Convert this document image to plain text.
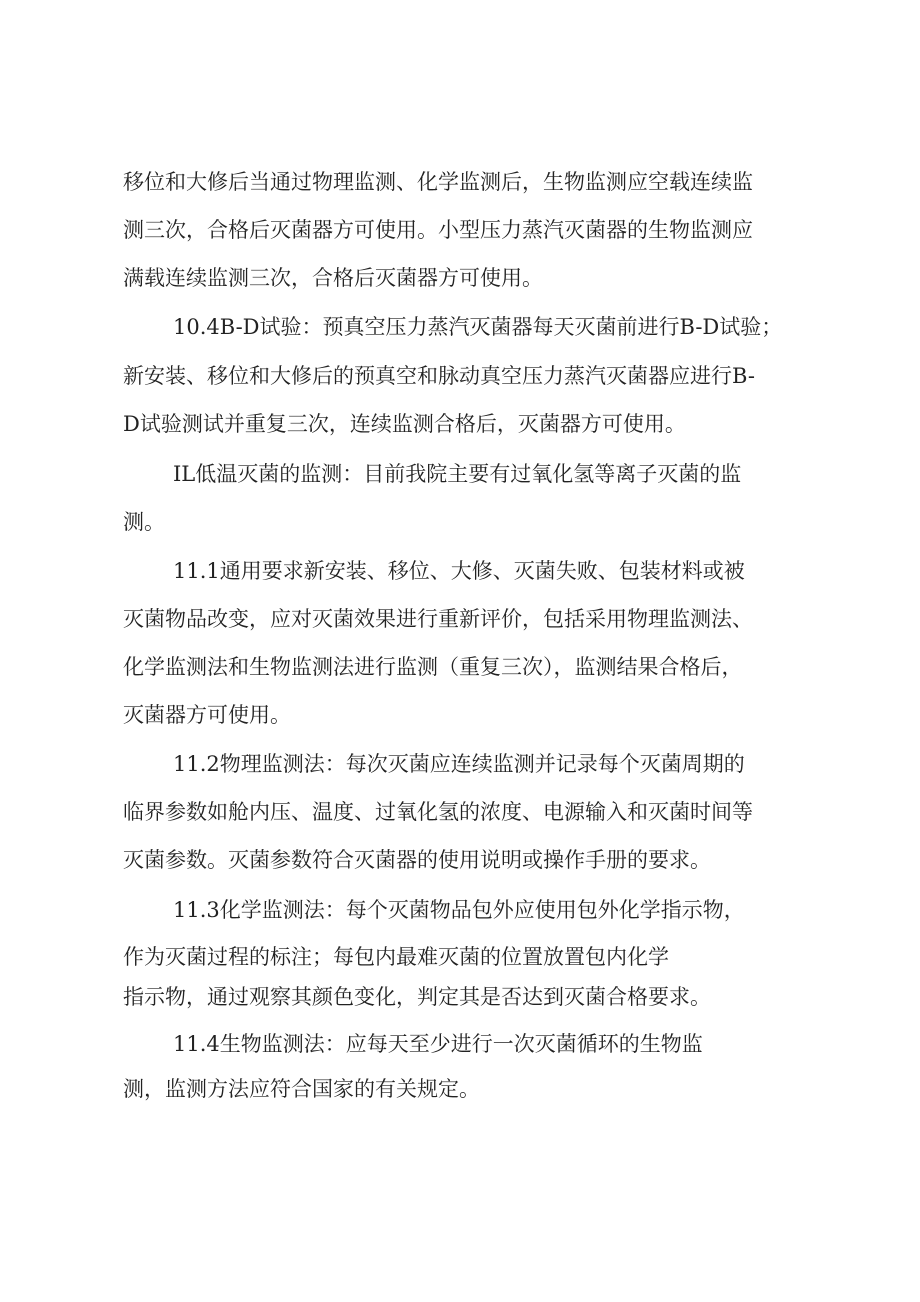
移位和大修后当通过物理监测、化学监测后，生物监测应空载连续监

测三次，合格后灭菌器方可使用。小型压力蒸汽灭菌器的生物监测应

满载连续监测三次，合格后灭菌器方可使用。

10.4B-D试验：预真空压力蒸汽灭菌器每天灭菌前进行B-D试验；

新安装、移位和大修后的预真空和脉动真空压力蒸汽灭菌器应进行B-

D试验测试并重复三次，连续监测合格后，灭菌器方可使用。

IL低温灭菌的监测：目前我院主要有过氧化氢等离子灭菌的监

测。

11.1通用要求新安装、移位、大修、灭菌失败、包装材料或被

灭菌物品改变，应对灭菌效果进行重新评价，包括采用物理监测法、

化学监测法和生物监测法进行监测（重复三次），监测结果合格后，

灭菌器方可使用。

11.2物理监测法：每次灭菌应连续监测并记录每个灭菌周期的

临界参数如舱内压、温度、过氧化氢的浓度、电源输入和灭菌时间等

灭菌参数。灭菌参数符合灭菌器的使用说明或操作手册的要求。

11.3化学监测法：每个灭菌物品包外应使用包外化学指示物，

作为灭菌过程的标注；每包内最难灭菌的位置放置包内化学

指示物，通过观察其颜色变化，判定其是否达到灭菌合格要求。

11.4生物监测法：应每天至少进行一次灭菌循环的生物监

测，监测方法应符合国家的有关规定。
